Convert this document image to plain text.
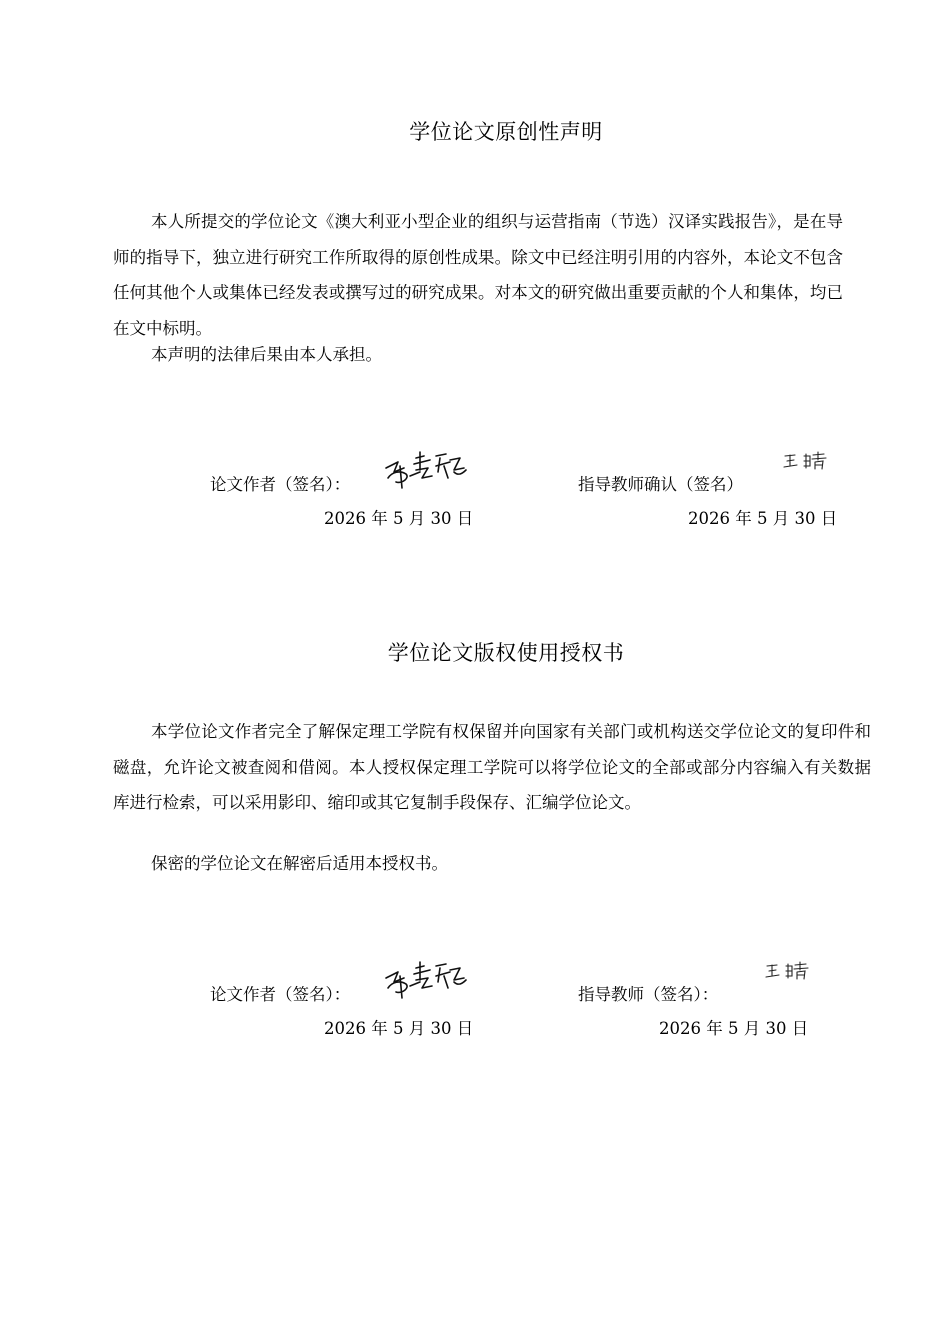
学位论文原创性声明

本人所提交的学位论文《澳大利亚小型企业的组织与运营指南（节选）汉译实践报告》，是在导师的指导下，独立进行研究工作所取得的原创性成果。除文中已经注明引用的内容外，本论文不包含任何其他个人或集体已经发表或撰写过的研究成果。对本文的研究做出重要贡献的个人和集体，均已在文中标明。

本声明的法律后果由本人承担。

论文作者（签名）：
2026 年 5 月 30 日
指导教师确认（签名）
2026 年 5 月 30 日
学位论文版权使用授权书

本学位论文作者完全了解保定理工学院有权保留并向国家有关部门或机构送交学位论文的复印件和磁盘，允许论文被查阅和借阅。本人授权保定理工学院可以将学位论文的全部或部分内容编入有关数据库进行检索，可以采用影印、缩印或其它复制手段保存、汇编学位论文。

保密的学位论文在解密后适用本授权书。

论文作者（签名）：
2026 年 5 月 30 日
指导教师（签名）：
2026 年 5 月 30 日
